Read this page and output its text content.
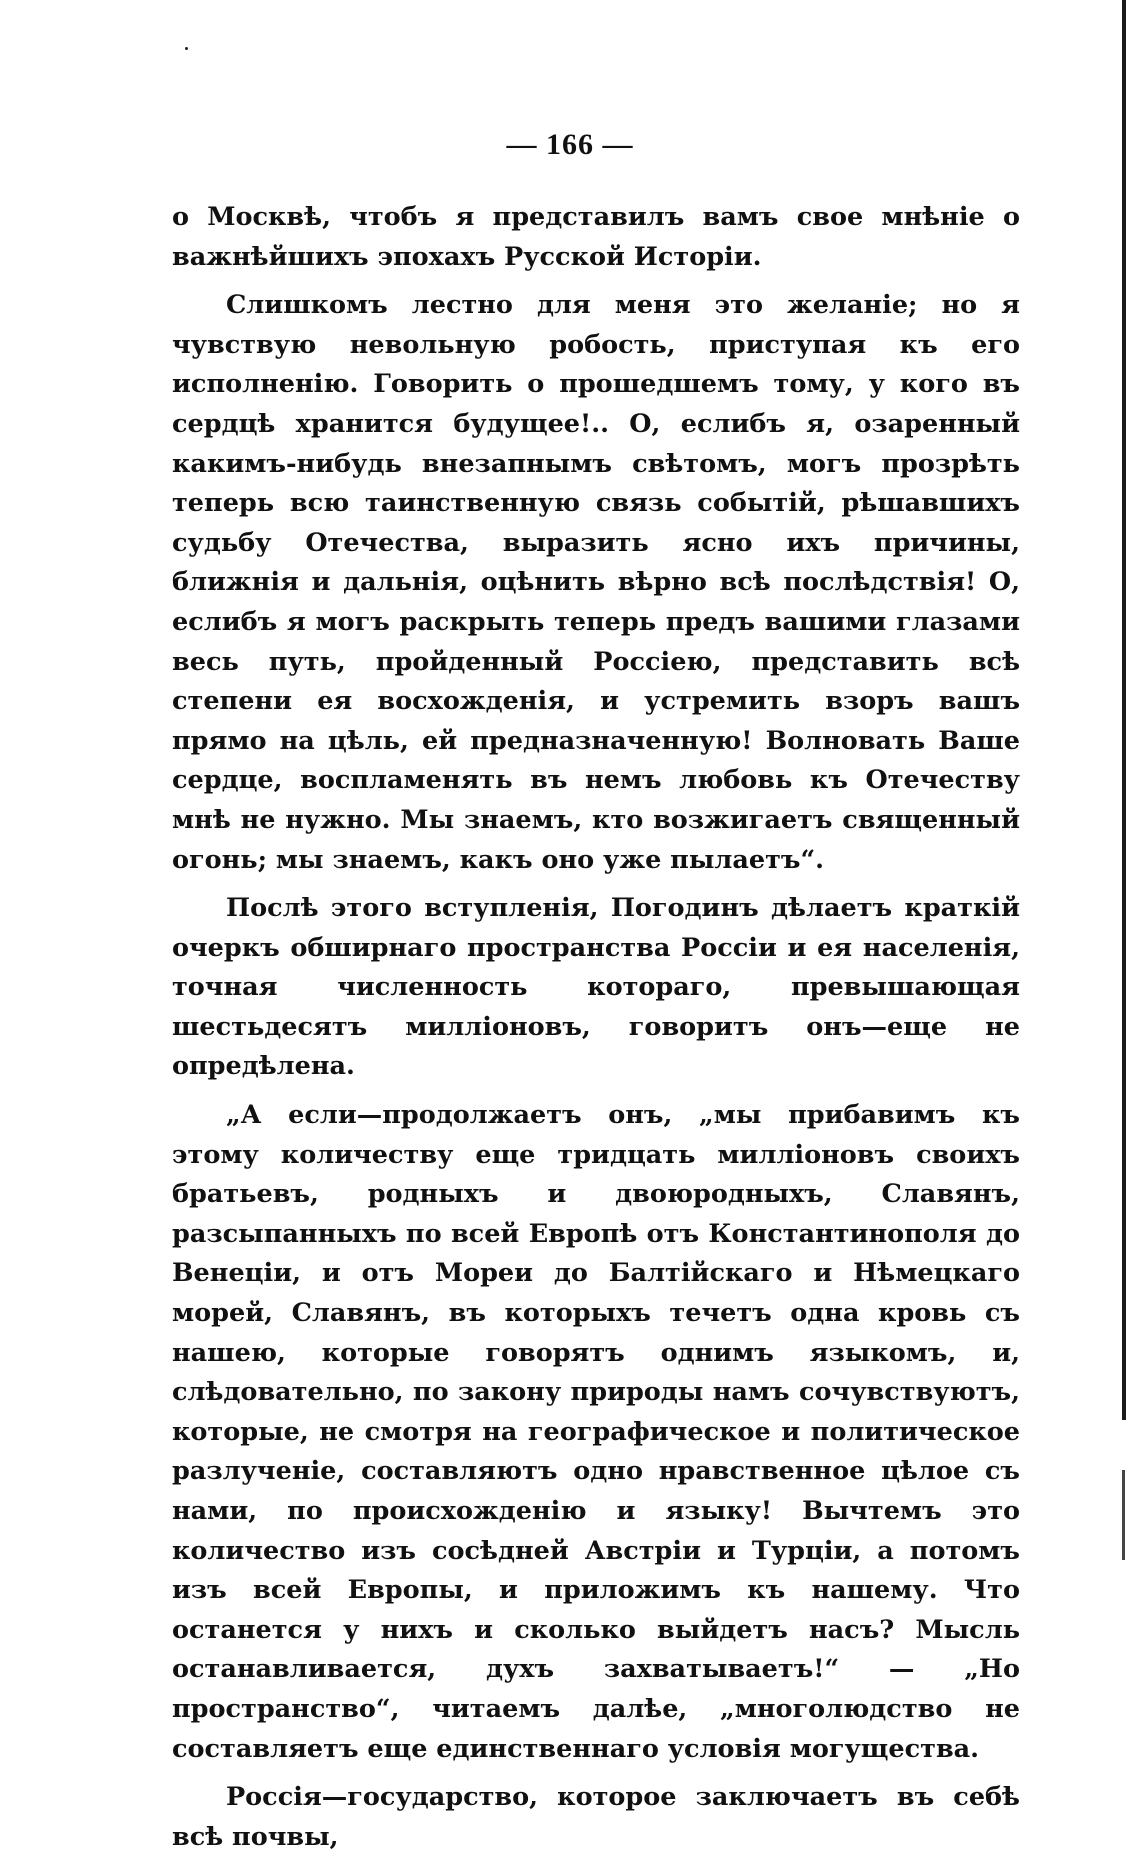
— 166 —

о Москвѣ, чтобъ я представилъ вамъ свое мнѣніе о важнѣйшихъ эпохахъ Русской Исторіи.

Слишкомъ лестно для меня это желаніе; но я чувствую невольную робость, приступая къ его исполненію. Говорить о прошедшемъ тому, у кого въ сердцѣ хранится будущее!.. О, еслибъ я, озаренный какимъ-нибудь внезапнымъ свѣтомъ, могъ прозрѣть теперь всю таинственную связь событій, рѣшавшихъ судьбу Отечества, выразить ясно ихъ причины, ближнія и дальнія, оцѣнить вѣрно всѣ послѣдствія! О, еслибъ я могъ раскрыть теперь предъ вашими глазами весь путь, пройденный Россіею, представить всѣ степени ея восхожденія, и устремить взоръ вашъ прямо на цѣль, ей предназначенную! Волновать Ваше сердце, воспламенять въ немъ любовь къ Отечеству мнѣ не нужно. Мы знаемъ, кто возжигаетъ священный огонь; мы знаемъ, какъ оно уже пылаетъ“.

Послѣ этого вступленія, Погодинъ дѣлаетъ краткій очеркъ обширнаго пространства Россіи и ея населенія, точная численность котораго, превышающая шестьдесятъ милліоновъ, говоритъ онъ—еще не опредѣлена.

„А если—продолжаетъ онъ, „мы прибавимъ къ этому количеству еще тридцать милліоновъ своихъ братьевъ, родныхъ и двоюродныхъ, Славянъ, разсыпанныхъ по всей Европѣ отъ Константинополя до Венеціи, и отъ Мореи до Балтійскаго и Нѣмецкаго морей, Славянъ, въ которыхъ течетъ одна кровь съ нашею, которые говорятъ однимъ языкомъ, и, слѣдовательно, по закону природы намъ сочувствуютъ, которые, не смотря на географическое и политическое разлученіе, составляютъ одно нравственное цѣлое съ нами, по происхожденію и языку! Вычтемъ это количество изъ сосѣдней Австріи и Турціи, а потомъ изъ всей Европы, и приложимъ къ нашему. Что останется у нихъ и сколько выйдетъ насъ? Мысль останавливается, духъ захватываетъ!“ — „Но пространство“, читаемъ далѣе, „многолюдство не составляетъ еще единственнаго условія могущества.

Россія—государство, которое заключаетъ въ себѣ всѣ почвы,
